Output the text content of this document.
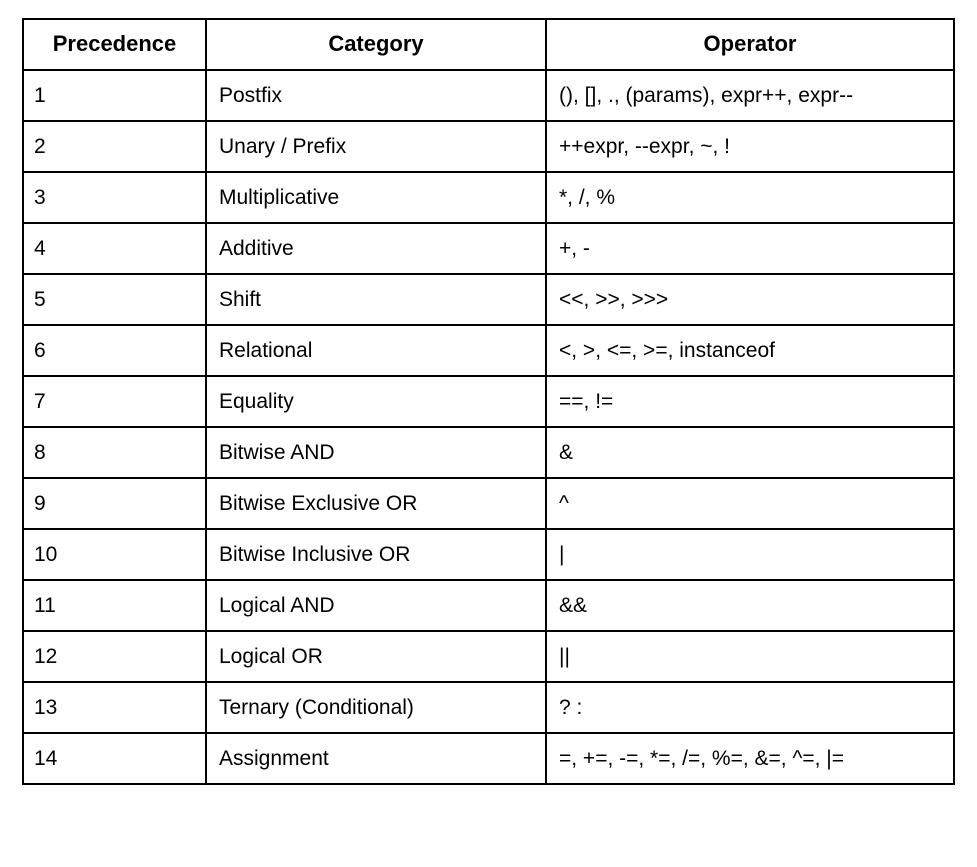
Precedence	Category	Operator
1	Postfix	(), [], ., (params), expr++, expr--
2	Unary / Prefix	++expr, --expr, ~, !
3	Multiplicative	*, /, %
4	Additive	+, -
5	Shift	<<, >>, >>>
6	Relational	<, >, <=, >=, instanceof
7	Equality	==, !=
8	Bitwise AND	&
9	Bitwise Exclusive OR	^
10	Bitwise Inclusive OR	|
11	Logical AND	&&
12	Logical OR	||
13	Ternary (Conditional)	? :
14	Assignment	=, +=, -=, *=, /=, %=, &=, ^=, |=
